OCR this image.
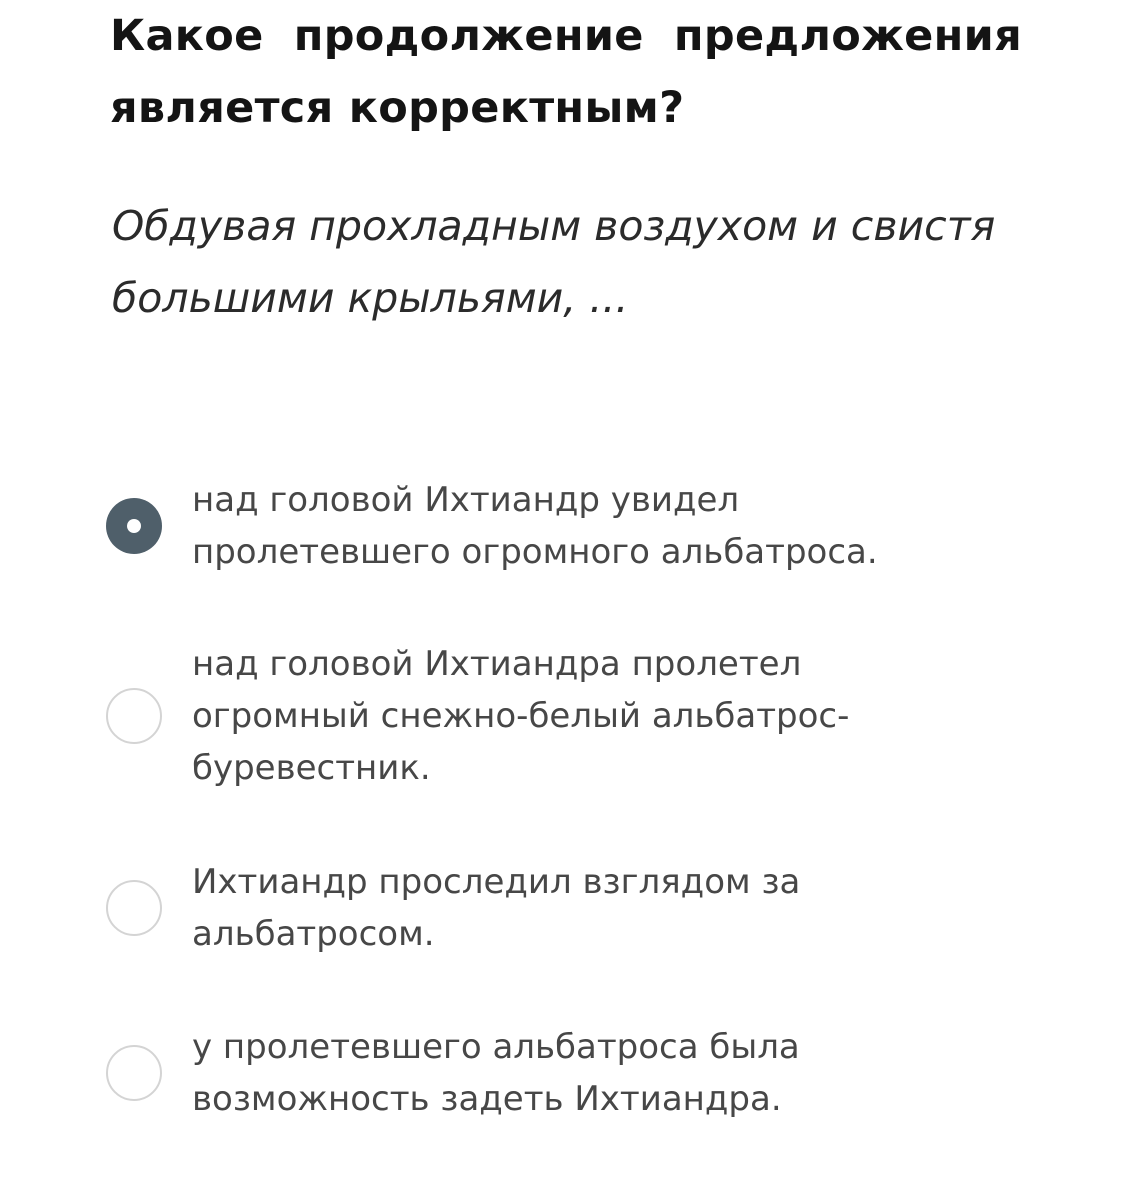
Какое продолжение предложения является корректным?

Обдувая прохладным воздухом и свистя большими крыльями, ...

над головой Ихтиандр увидел пролетевшего огромного альбатроса.
над головой Ихтиандра пролетел огромный снежно-белый альбатрос-буревестник.
Ихтиандр проследил взглядом за альбатросом.
у пролетевшего альбатроса была возможность задеть Ихтиандра.
